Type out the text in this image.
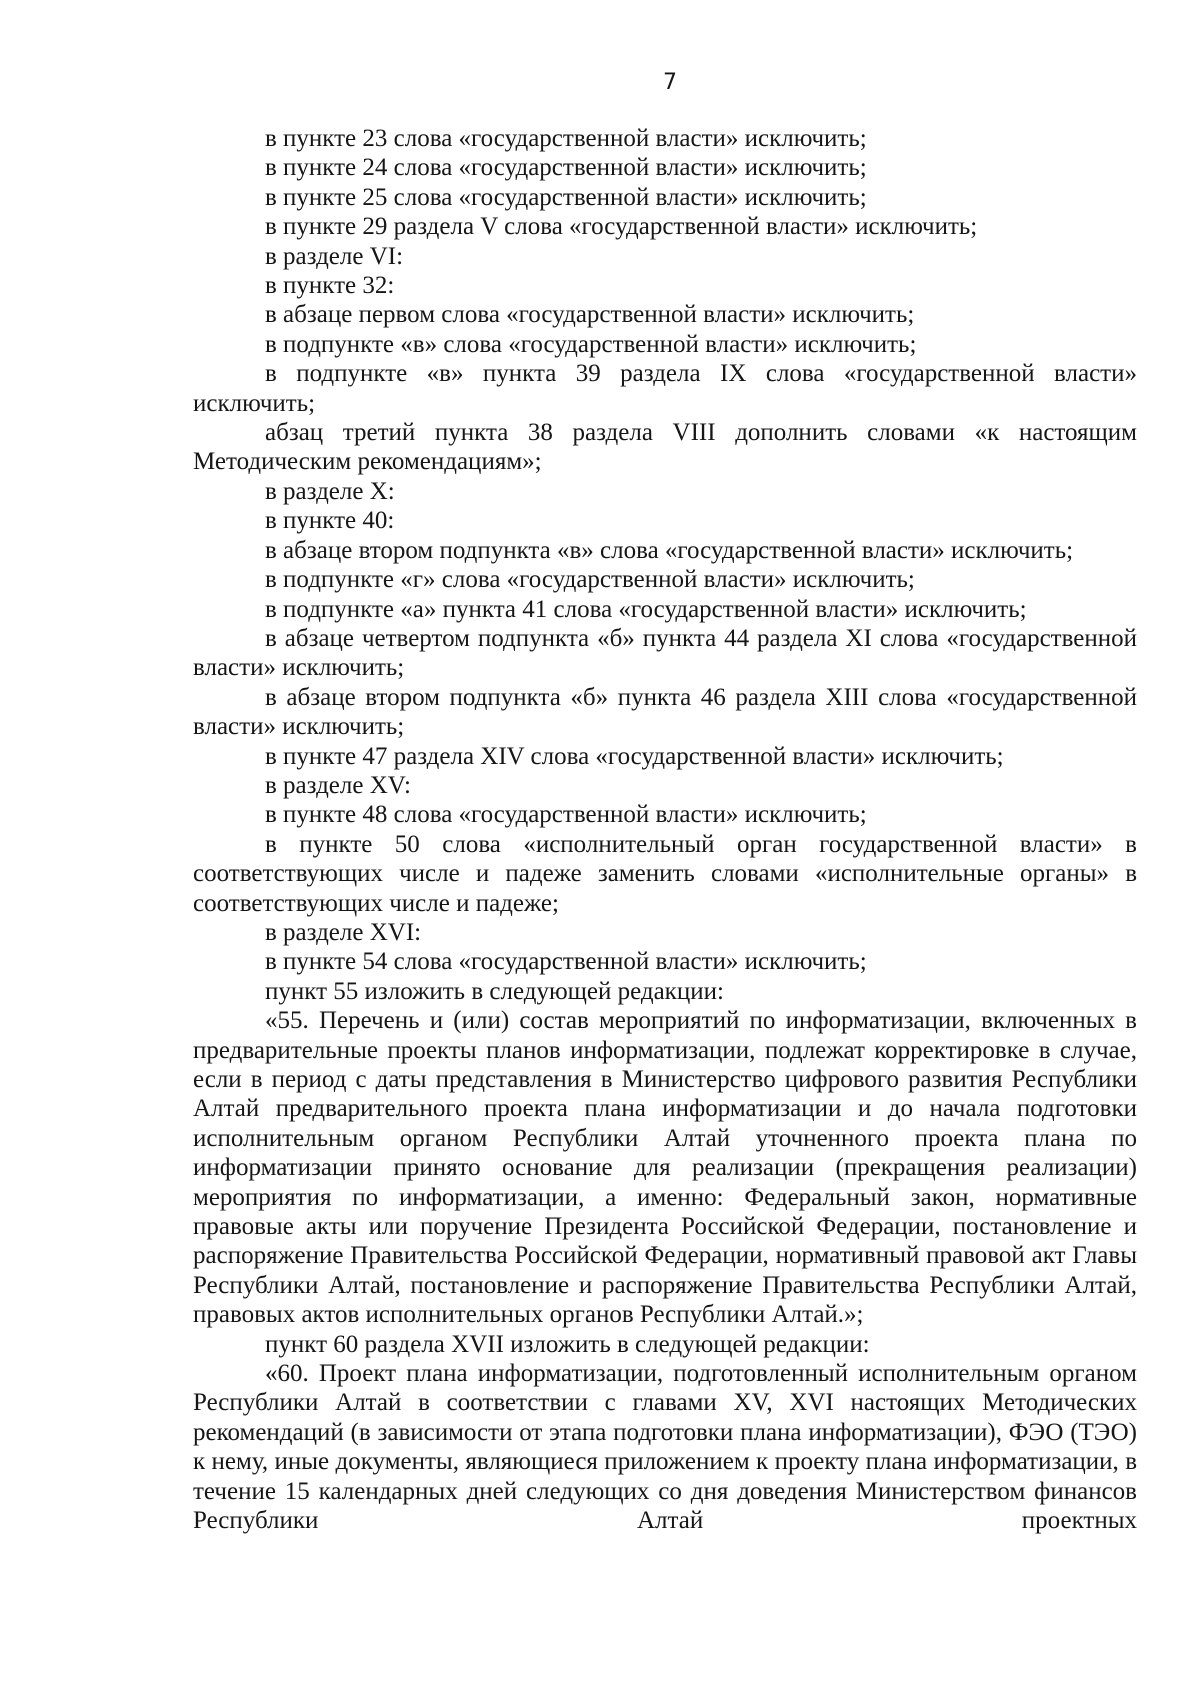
7

в пункте 23 слова «государственной власти» исключить;

в пункте 24 слова «государственной власти» исключить;

в пункте 25 слова «государственной власти» исключить;

в пункте 29 раздела V слова «государственной власти» исключить;

в разделе VI:

в пункте 32:

в абзаце первом слова «государственной власти» исключить;

в подпункте «в» слова «государственной власти» исключить;

в подпункте «в» пункта 39 раздела IX слова «государственной власти» исключить;

абзац третий пункта 38 раздела VIII дополнить словами «к настоящим Методическим рекомендациям»;

в разделе X:

в пункте 40:

в абзаце втором подпункта «в» слова «государственной власти» исключить;

в подпункте «г» слова «государственной власти» исключить;

в подпункте «а» пункта 41 слова «государственной власти» исключить;

в абзаце четвертом подпункта «б» пункта 44 раздела XI слова «государственной власти» исключить;

в абзаце втором подпункта «б» пункта 46 раздела XIII слова «государственной власти» исключить;

в пункте 47 раздела XIV слова «государственной власти» исключить;

в разделе XV:

в пункте 48 слова «государственной власти» исключить;

в пункте 50 слова «исполнительный орган государственной власти» в соответствующих числе и падеже заменить словами «исполнительные органы» в соответствующих числе и падеже;

в разделе XVI:

в пункте 54 слова «государственной власти» исключить;

пункт 55 изложить в следующей редакции:

«55. Перечень и (или) состав мероприятий по информатизации, включенных в предварительные проекты планов информатизации, подлежат корректировке в случае, если в период с даты представления в Министерство цифрового развития Республики Алтай предварительного проекта плана информатизации и до начала подготовки исполнительным органом Республики Алтай уточненного проекта плана по информатизации принято основание для реализации (прекращения реализации) мероприятия по информатизации, а именно: Федеральный закон, нормативные правовые акты или поручение Президента Российской Федерации, постановление и распоряжение Правительства Российской Федерации, нормативный правовой акт Главы Республики Алтай, постановление и распоряжение Правительства Республики Алтай, правовых актов исполнительных органов Республики Алтай.»;

пункт 60 раздела XVII изложить в следующей редакции:

«60. Проект плана информатизации, подготовленный исполнительным органом Республики Алтай в соответствии с главами XV, XVI настоящих Методических рекомендаций (в зависимости от этапа подготовки плана информатизации), ФЭО (ТЭО) к нему, иные документы, являющиеся приложением к проекту плана информатизации, в течение 15 календарных дней следующих со дня доведения Министерством финансов Республики Алтай проектных
